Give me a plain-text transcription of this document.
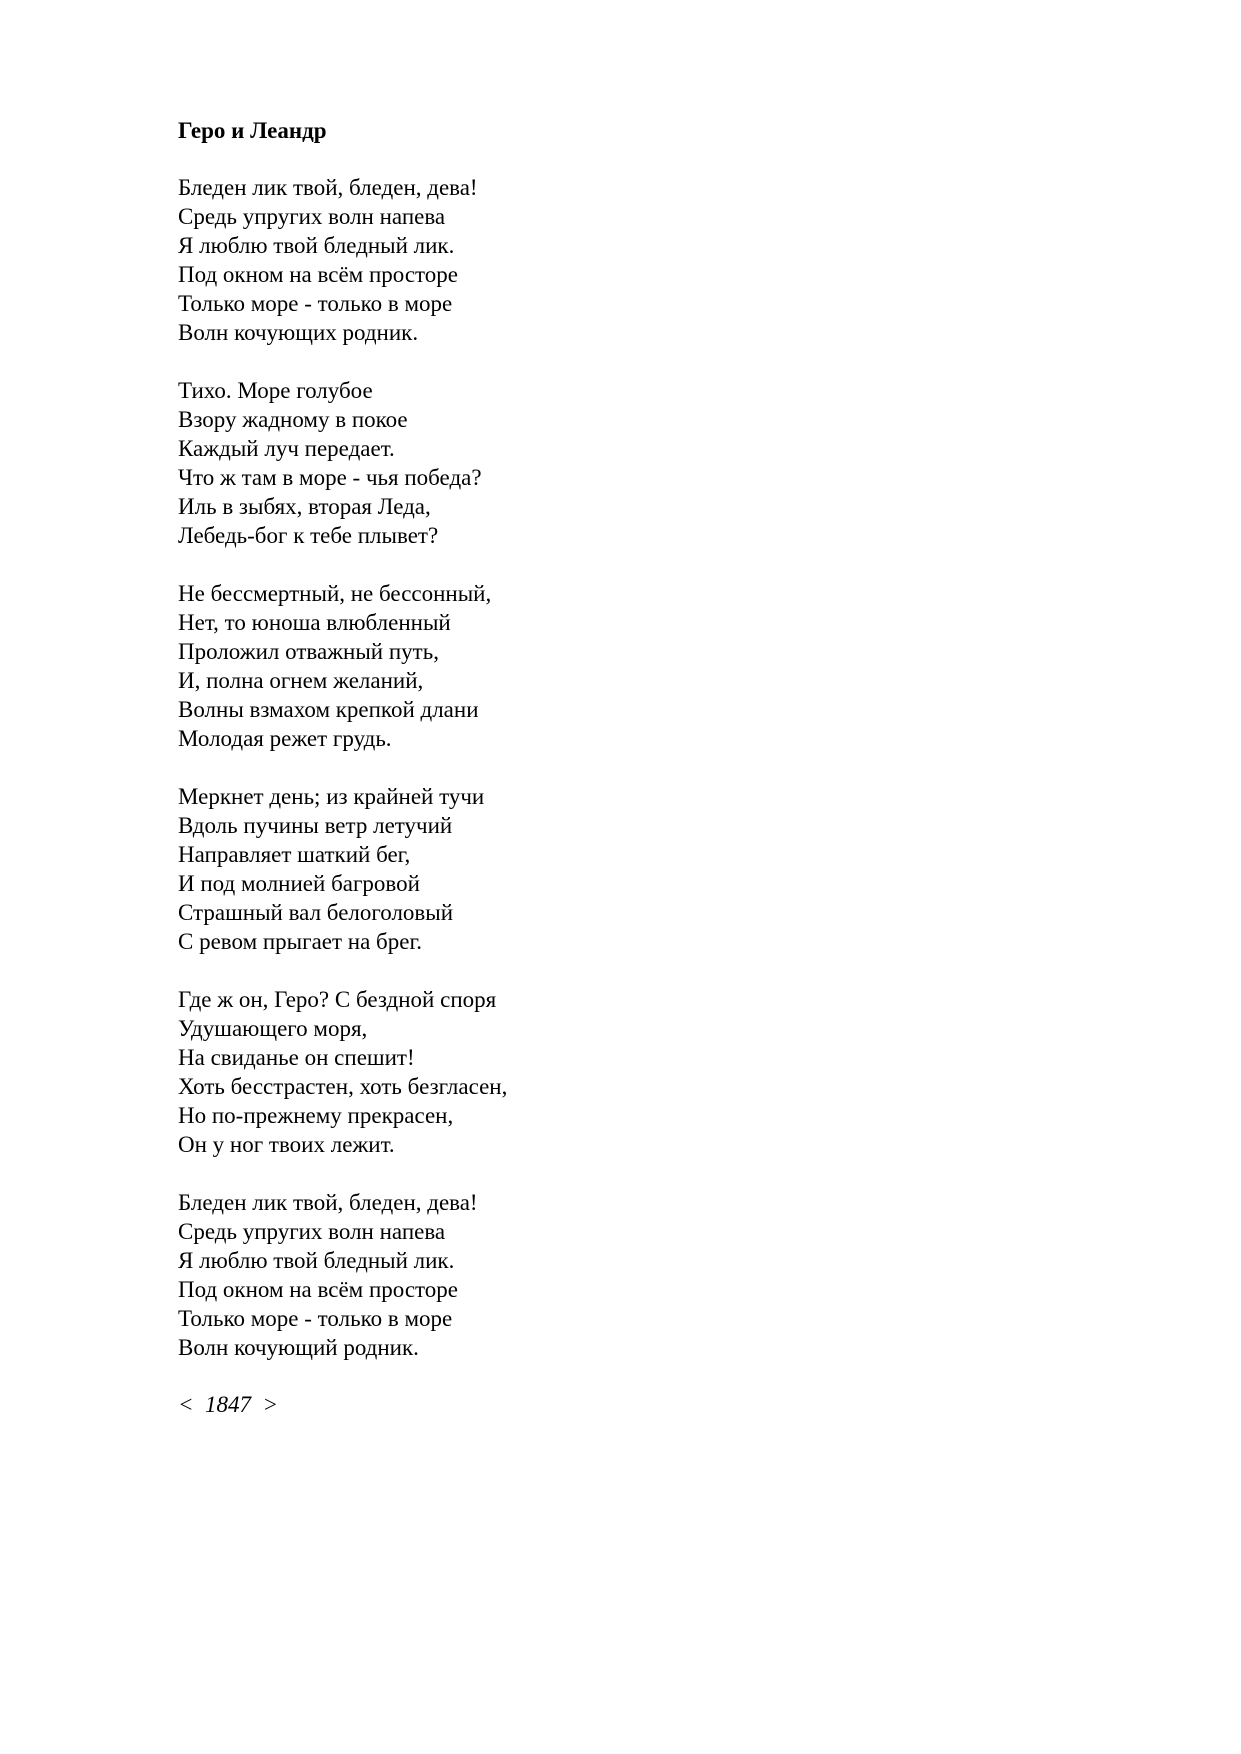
Геро и Леандр
Бледен лик твой, бледен, дева!
Средь упругих волн напева
Я люблю твой бледный лик.
Под окном на всём просторе
Только море - только в море
Волн кочующих родник.
Тихо. Море голубое
Взору жадному в покое
Каждый луч передает.
Что ж там в море - чья победа?
Иль в зыбях, вторая Леда,
Лебедь-бог к тебе плывет?
Не бессмертный, не бессонный,
Нет, то юноша влюбленный
Проложил отважный путь,
И, полна огнем желаний,
Волны взмахом крепкой длани
Молодая режет грудь.
Меркнет день; из крайней тучи
Вдоль пучины ветр летучий
Направляет шаткий бег,
И под молнией багровой
Страшный вал белоголовый
С ревом прыгает на брег.
Где ж он, Геро? С бездной споря
Удушающего моря,
На свиданье он спешит!
Хоть бесстрастен, хоть безгласен,
Но по-прежнему прекрасен,
Он у ног твоих лежит.
Бледен лик твой, бледен, дева!
Средь упругих волн напева
Я люблю твой бледный лик.
Под окном на всём просторе
Только море - только в море
Волн кочующий родник.
<  1847  >
